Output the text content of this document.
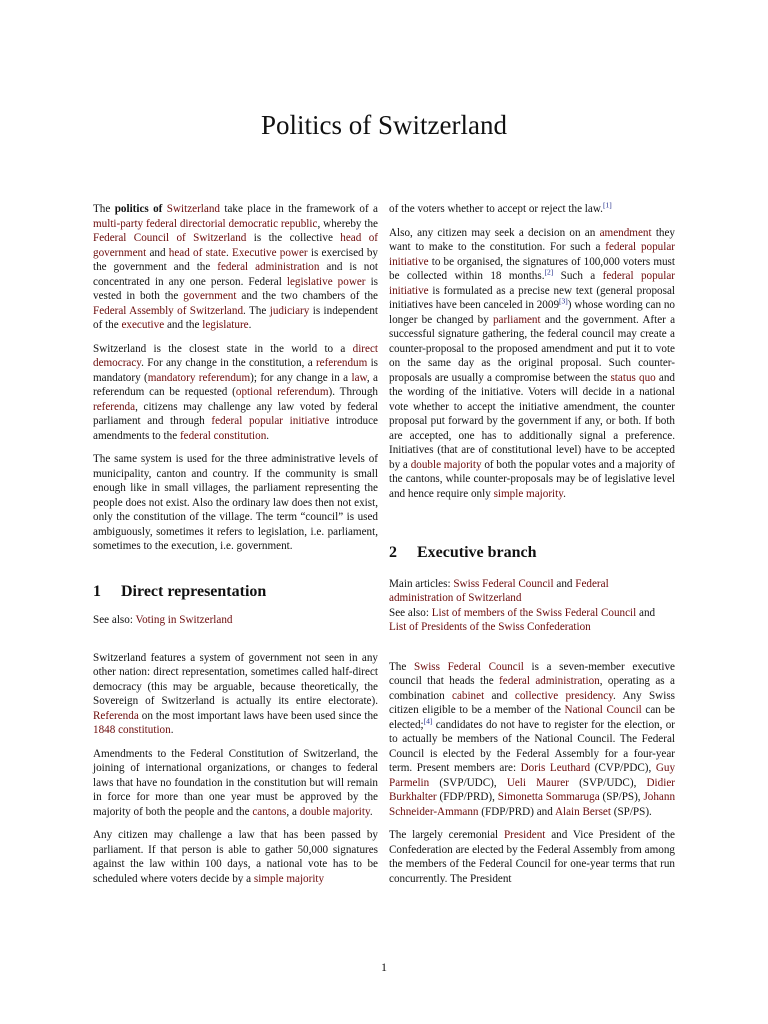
Politics of Switzerland

The politics of Switzerland take place in the framework of a multi-party federal directorial democratic republic, whereby the Federal Council of Switzerland is the collective head of government and head of state. Executive power is exercised by the government and the federal administration and is not concentrated in any one person. Federal legislative power is vested in both the government and the two chambers of the Federal Assembly of Switzerland. The judiciary is independent of the executive and the legislature.

Switzerland is the closest state in the world to a direct democracy. For any change in the constitution, a referendum is mandatory (mandatory referendum); for any change in a law, a referendum can be requested (optional referendum). Through referenda, citizens may challenge any law voted by federal parliament and through federal popular initiative introduce amendments to the federal constitution.

The same system is used for the three administrative levels of municipality, canton and country. If the community is small enough like in small villages, the parliament representing the people does not exist. Also the ordinary law does then not exist, only the constitution of the village. The term “council” is used ambiguously, sometimes it refers to legislation, i.e. parliament, sometimes to the execution, i.e. government.

1	Direct representation

See also: Voting in Switzerland

Switzerland features a system of government not seen in any other nation: direct representation, sometimes called half-direct democracy (this may be arguable, because theoretically, the Sovereign of Switzerland is actually its entire electorate). Referenda on the most important laws have been used since the 1848 constitution.

Amendments to the Federal Constitution of Switzerland, the joining of international organizations, or changes to federal laws that have no foundation in the constitution but will remain in force for more than one year must be approved by the majority of both the people and the cantons, a double majority.

Any citizen may challenge a law that has been passed by parliament. If that person is able to gather 50,000 signatures against the law within 100 days, a national vote has to be scheduled where voters decide by a simple majority

of the voters whether to accept or reject the law.[1]

Also, any citizen may seek a decision on an amendment they want to make to the constitution. For such a federal popular initiative to be organised, the signatures of 100,000 voters must be collected within 18 months.[2] Such a federal popular initiative is formulated as a precise new text (general proposal initiatives have been canceled in 2009[3]) whose wording can no longer be changed by parliament and the government. After a successful signature gathering, the federal council may create a counter-proposal to the proposed amendment and put it to vote on the same day as the original proposal. Such counter-proposals are usually a compromise between the status quo and the wording of the initiative. Voters will decide in a national vote whether to accept the initiative amendment, the counter proposal put forward by the government if any, or both. If both are accepted, one has to additionally signal a preference. Initiatives (that are of constitutional level) have to be accepted by a double majority of both the popular votes and a majority of the cantons, while counter-proposals may be of legislative level and hence require only simple majority.

2	Executive branch

Main articles: Swiss Federal Council and Federal administration of Switzerland
See also: List of members of the Swiss Federal Council and List of Presidents of the Swiss Confederation

The Swiss Federal Council is a seven-member executive council that heads the federal administration, operating as a combination cabinet and collective presidency. Any Swiss citizen eligible to be a member of the National Council can be elected;[4] candidates do not have to register for the election, or to actually be members of the National Council. The Federal Council is elected by the Federal Assembly for a four-year term. Present members are: Doris Leuthard (CVP/PDC), Guy Parmelin (SVP/UDC), Ueli Maurer (SVP/UDC), Didier Burkhalter (FDP/PRD), Simonetta Sommaruga (SP/PS), Johann Schneider-Ammann (FDP/PRD) and Alain Berset (SP/PS).

The largely ceremonial President and Vice President of the Confederation are elected by the Federal Assembly from among the members of the Federal Council for one-year terms that run concurrently. The President

1
